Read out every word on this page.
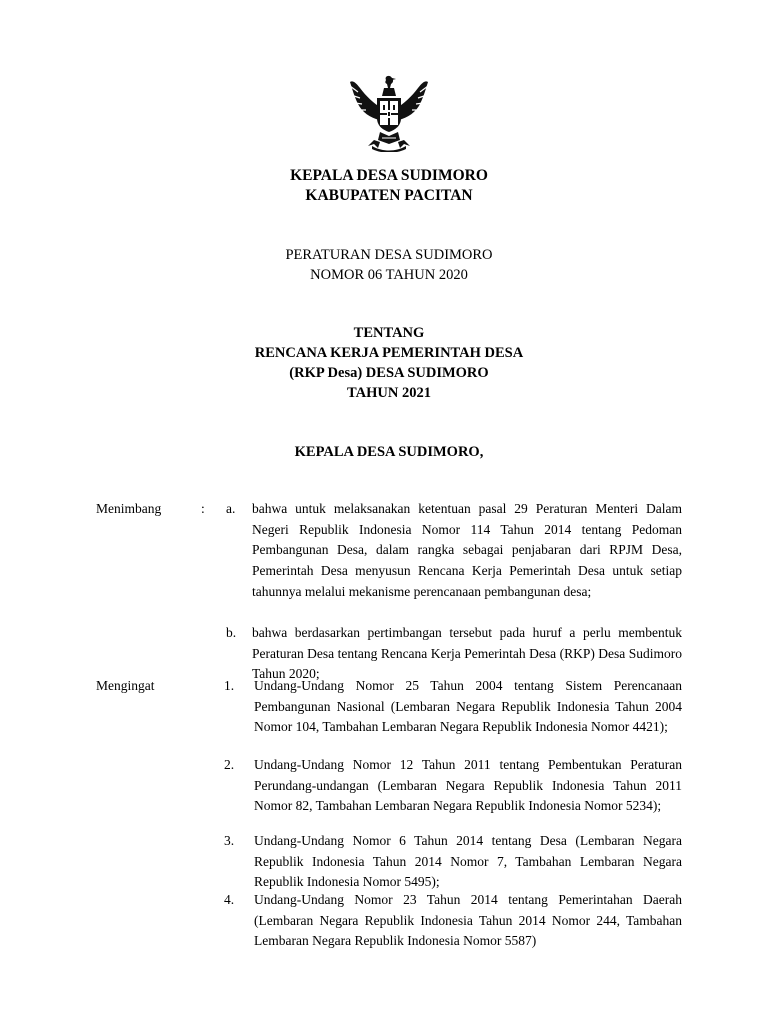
KEPALA DESA SUDIMORO
KABUPATEN PACITAN
PERATURAN DESA SUDIMORO
NOMOR 06 TAHUN 2020
TENTANG
RENCANA KERJA PEMERINTAH DESA
(RKP Desa) DESA SUDIMORO
TAHUN 2021
KEPALA DESA SUDIMORO,
Menimbang	: a. bahwa untuk melaksanakan ketentuan pasal 29 Peraturan Menteri Dalam Negeri Republik Indonesia Nomor 114 Tahun 2014 tentang Pedoman Pembangunan Desa, dalam rangka sebagai penjabaran dari RPJM Desa, Pemerintah Desa menyusun Rencana Kerja Pemerintah Desa untuk setiap tahunnya melalui mekanisme perencanaan pembangunan desa;
b. bahwa berdasarkan pertimbangan tersebut pada huruf a perlu membentuk Peraturan Desa tentang Rencana Kerja Pemerintah Desa (RKP) Desa Sudimoro Tahun 2020;
Mengingat	1. Undang-Undang Nomor 25 Tahun 2004 tentang Sistem Perencanaan Pembangunan Nasional (Lembaran Negara Republik Indonesia Tahun 2004 Nomor 104, Tambahan Lembaran Negara Republik Indonesia Nomor 4421);
2. Undang-Undang Nomor 12 Tahun 2011 tentang Pembentukan Peraturan Perundang-undangan (Lembaran Negara Republik Indonesia Tahun 2011 Nomor 82, Tambahan Lembaran Negara Republik Indonesia Nomor 5234);
3. Undang-Undang Nomor 6 Tahun 2014 tentang Desa (Lembaran Negara Republik Indonesia Tahun 2014 Nomor 7, Tambahan Lembaran Negara Republik Indonesia Nomor 5495);
4. Undang-Undang Nomor 23 Tahun 2014 tentang Pemerintahan Daerah (Lembaran Negara Republik Indonesia Tahun 2014 Nomor 244, Tambahan Lembaran Negara Republik Indonesia Nomor 5587)
